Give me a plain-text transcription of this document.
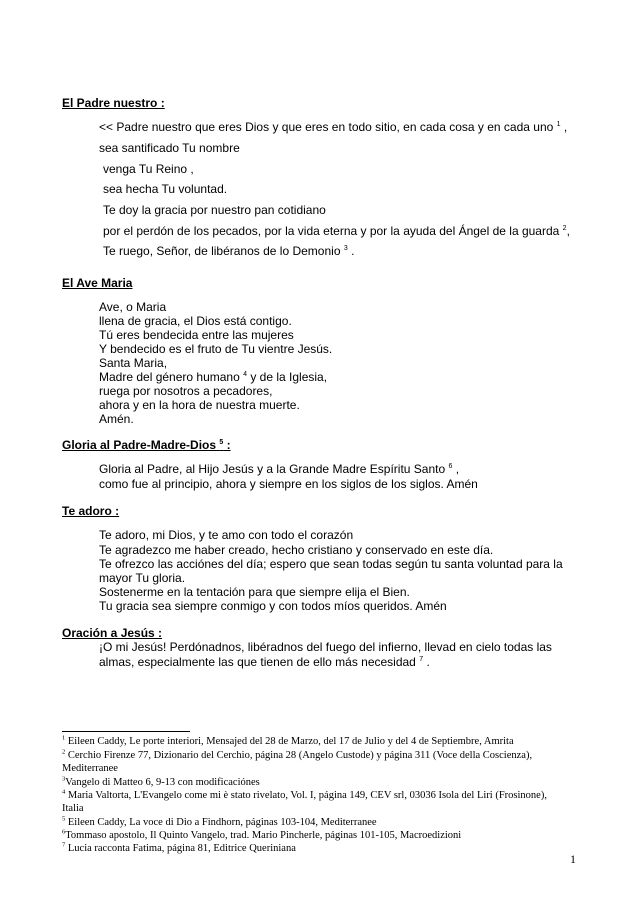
El Padre nuestro :
<< Padre nuestro que eres Dios y que eres en todo sitio, en cada cosa y en cada uno $^1$ ,
sea santificado Tu nombre
venga Tu Reino ,
sea hecha Tu voluntad.
Te doy la gracia por nuestro pan cotidiano
por el perdón de los pecados, por la vida eterna y por la ayuda del Ángel de la guarda $^2$,
Te ruego, Señor, de libéranos de lo Demonio $^3$ .
El Ave Maria
Ave, o Maria
llena de gracia, el Dios está contigo.
Tú eres bendecida entre las mujeres
Y bendecido es el fruto de Tu vientre Jesús.
Santa Maria,
Madre del género humano $^4$ y de la Iglesia,
ruega por nosotros a pecadores,
ahora y en la hora de nuestra muerte.
Amén.
Gloria al Padre-Madre-Dios $^5$ :
Gloria al Padre, al Hijo Jesús y a la Grande Madre Espíritu Santo $^6$ ,
como fue al principio, ahora y siempre en los siglos de los siglos. Amén
Te adoro :
Te adoro, mi Dios, y te amo con todo el corazón
Te agradezco me haber creado, hecho cristiano y conservado en este día.
Te ofrezco las acciónes del día; espero que sean todas según tu santa voluntad para la
mayor Tu gloria.
Sostenerme en la tentación para que siempre elija el Bien.
Tu gracia sea siempre conmigo y con todos míos queridos. Amén
Oración a Jesús :
¡O mi Jesús! Perdónadnos, libéradnos del fuego del infierno, llevad en cielo todas las
almas, especialmente las que tienen de ello más necesidad $^7$ .
$^1$ Eileen Caddy, Le porte interiori, Mensajed del 28 de Marzo, del 17 de Julio y del 4 de Septiembre, Amrita
$^2$ Cerchio Firenze 77, Dizionario del Cerchio, página 28 (Angelo Custode) y página 311 (Voce della Coscienza),
Mediterranee
$^3$Vangelo di Matteo 6, 9-13 con modificaciónes
$^4$ Maria Valtorta, L'Evangelo come mi è stato rivelato, Vol. I, página 149, CEV srl, 03036 Isola del Liri (Frosinone),
Italia
$^5$ Eileen Caddy, La voce di Dio a Findhorn, páginas 103-104, Mediterranee
$^6$Tommaso apostolo, Il Quinto Vangelo, trad. Mario Pincherle, páginas 101-105, Macroedizioni
$^7$ Lucia racconta Fatima, página 81, Editrice Queriniana
1
